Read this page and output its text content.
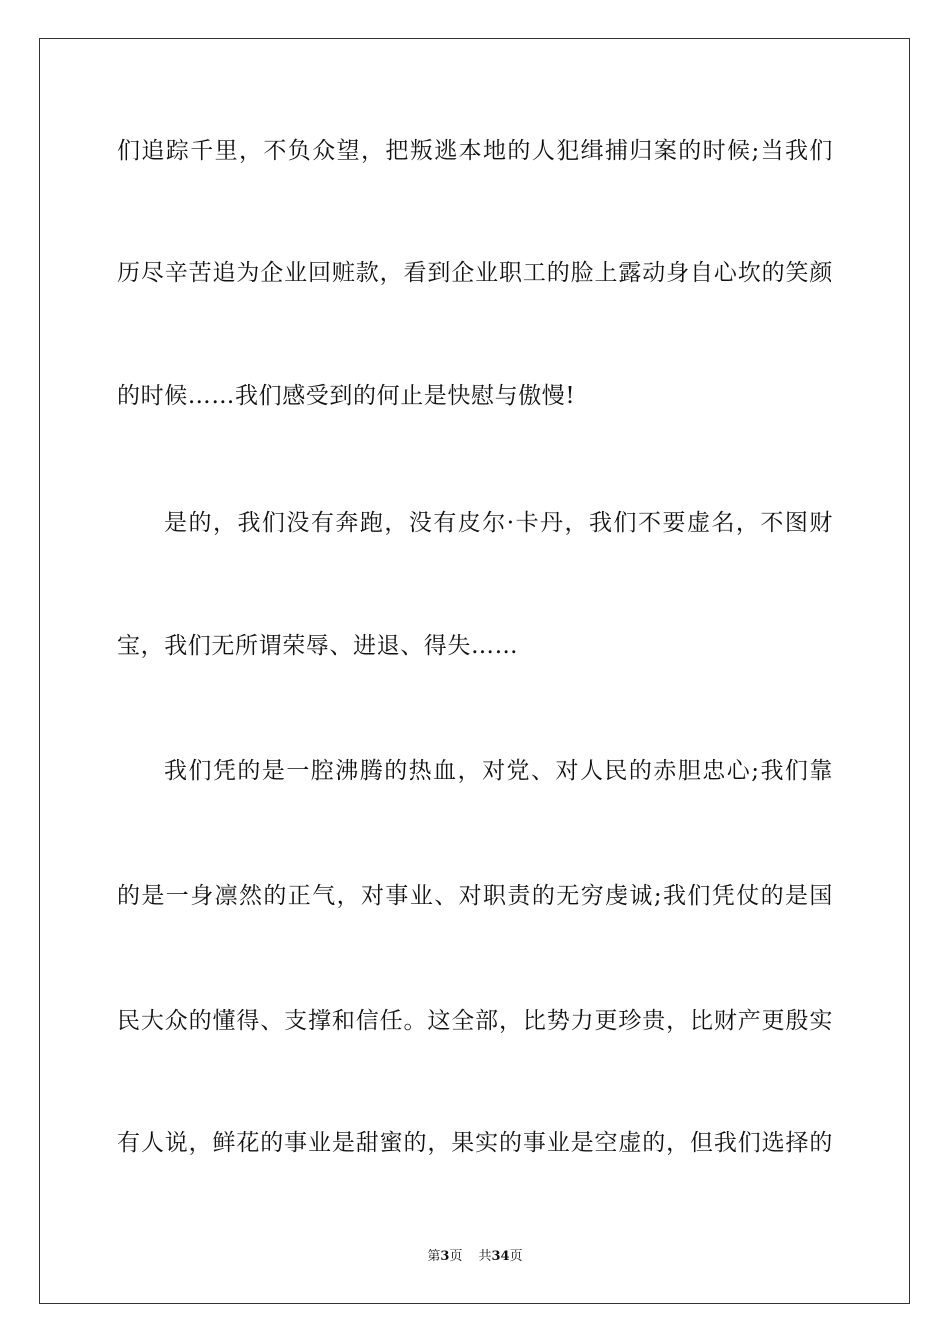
们追踪千里，不负众望，把叛逃本地的人犯缉捕归案的时候;当我们
历尽辛苦追为企业回赃款，看到企业职工的脸上露动身自心坎的笑颜
的时候……我们感受到的何止是快慰与傲慢!
是的，我们没有奔跑，没有皮尔·卡丹，我们不要虚名，不图财
宝，我们无所谓荣辱、进退、得失……
我们凭的是一腔沸腾的热血，对党、对人民的赤胆忠心;我们靠
的是一身凛然的正气，对事业、对职责的无穷虔诚;我们凭仗的是国
民大众的懂得、支撑和信任。这全部，比势力更珍贵，比财产更殷实
有人说，鲜花的事业是甜蜜的，果实的事业是空虚的，但我们选择的
第3页 共34页
